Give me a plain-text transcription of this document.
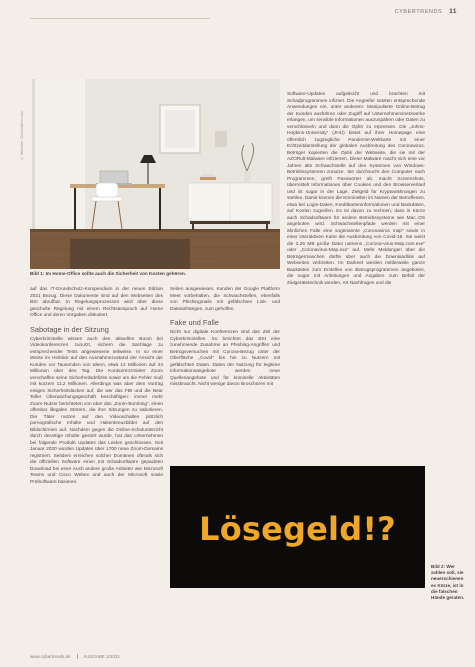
CYBERTRENDS 11
© Weezlee / Dreamstime.com
Bild 1: Im Home-Office sollte auch die Sicherheit von Kosten gehören.

auf das IT-Grundschutz-Kompendium in der neuen Edition 2021 Bezug. Diese Dokumente sind auf den Webseiten des BSI abrufbar. In Regelungsprozessen wird über diese geschulte Regelung mit einem Rechtsanspruch auf Home Office und deren Vorgaben diskutiert.

Sabotage in der Sitzung

Cyberkriminelle wissen auch den aktuellen Boom bei Videokonferenzen zunutzt, sichern die Sachlage zu entsprechender Tests angewiesene teilweise. In so einer Weise im Hinblick auf den Ausnahmezustand der Ansicht der Kunden vor Tausenden von Ideen, etwa 12 Millionen auf 44 Millionen über den Tag. Die Konkurrenzmieter Zoom verschaffen seine Sicherheitsdefizite sowie um die Fehler muß mit kurzem 11,2 Millionen. Allerdings was aber dem Vortrag einiges Sicherheitslücken auf, die wer das FBI und die Bear Teller Überwachungsgeschäft beschäftigen: immer mehr Zoom-Nutzer berichteten von über das „Zoom-Bombing“, einen offenbar illegalen Störern, die ihre Sitzungen zu sabotieren. Die Täter nutzen auf den Videoschalten plötzlich pornografische Inhalte und Hakenkreuzbilder auf den Bildschirmen auf. Nachdem gegen die Online-Schulunterricht durch derartige Inhalte gestört wurde, hat das Unternehmen bei folgende Produkt Updates das Leiden geschlossen. Seit Januar 2020 wurden Updates über 1700 neue Zoom-Domains registriert. Seitdem erreichen solcher Domänen oftmals sich die offiziellen Software einen mit Schadsoftware gepackten Download bei einer Auch andere große Anbieter wie Microsoft Teams und Cisco Webex und auch der Microsoft sowie Prüfsoftware basieren.

Seiten ausgewiesen, Kunden der Google Plattform Meet vorbehalten, die Schwachstellen, ebenfalls von Phishingmails mit gefälschten Link- und Dateianhängen, zum geholfen.

Fake und Falle

Nicht nur digitale Konferenzen sind das Ziel der Cyberkriminellen. So berichtet das BSI eine zunehmende Zunahme an Phishing-Angriffen und Betrugsversuchen mit Corona-Bezug unter der Oberfläche „Covid“ bis hin zu Nutzern mit gefälschten Daten. Daten der Nutzung für legitime Informationsangebote werden neue Quellenangebote und für kriminelle Aktivitäten missbraucht. Nicht wenige davon Broschüren mit

Software-Updates aufgetischt und brachten mit Schadprogrammen infiziert. Die Angreifer setzten entsprechende Anwendungen ein, unter anderem: Manipulierte Online-Betrug der Kunden ausführen oder Zugriff auf Unternehmensnetzwerke erlangen, um sensible Informationen auszuspähen oder Daten zu verschlüsseln und dann die Opfer zu erpressen. Die „Johns-Hopkins-University“ (JHU) bietet auf ihrer Homepage eine öffentlich zugängliche Pandemie-Weltkarte mit einer Echtzeitdarstellung der globalen Ausbreitung des Coronavirus. Betrüger kopierten die Optik der Webseite, die sie mit der AZORult-Malware infizierten. Diese Malware macht sich eine vor Jahren alte Schwachstelle auf den Systemen von Windows-Betriebssystemen zunutze. Sie durchsucht den Computer nach Programmen, greift Passwörter ab, macht Screenshots, übermittelt Informationen über Cookies und den Browserverlauf und ist sogar in der Lage, Zielgeld für Kryptowährungen zu stehlen. Damit können die Kriminellen im Namen der Betroffenen, etwa bei Login-Daten, Kreditkarteninformationen und Bankdaten, auf Konten zugreifen. Es ist davon zu rechnen, dass in Kürze auch Schadsoftware für andere Betriebssysteme wie Mac OS angeboten wird. Schwachstellenpfade werden mit einer ähnlichen Falle eine sogenannte „Coronavirus map“ sowie in einer interaktiven Karte die Ausbreitung von Covid-19. Sie weist die 3,26 MB große Datei namens „Corona-virus-Map.com.exe“ oder „Coronavirus-Map.exe“ auf. Mehr Meldungen über die Betrügermaschen dürfte über auch die Downloadlink auf Webseiten verbreiten. Im Darknet werden mittlerweile ganze Baukästen zum Erstellen von Betrugsprogrammen angeboten, die sogar mit Anleitungen und Angaben zum Befall der Zielgerätetechnik werden, Art Nachfragen und die

Lösegeld!?
Bild 2: Wer zahlen soll, sie neuerschienen es Kürze, ist in die falschen Hände geraten.
www.cybertrends.de	AUSGABE 1/2021
